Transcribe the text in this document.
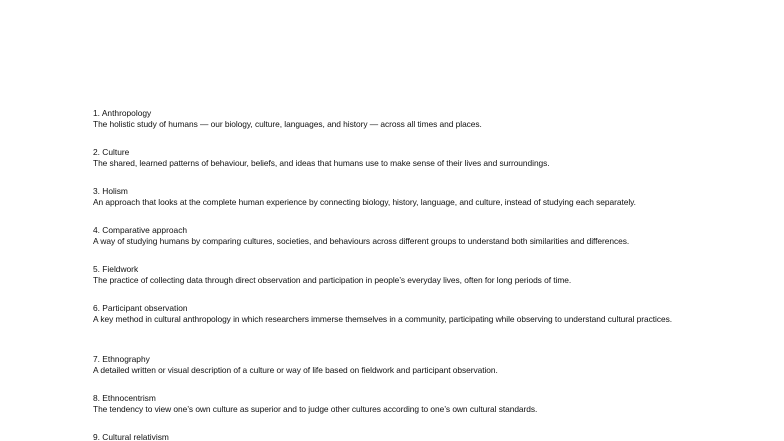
1. Anthropology
The holistic study of humans — our biology, culture, languages, and history — across all times and places.
2. Culture
The shared, learned patterns of behaviour, beliefs, and ideas that humans use to make sense of their lives and surroundings.
3. Holism
An approach that looks at the complete human experience by connecting biology, history, language, and culture, instead of studying each separately.
4. Comparative approach
A way of studying humans by comparing cultures, societies, and behaviours across different groups to understand both similarities and differences.
5. Fieldwork
The practice of collecting data through direct observation and participation in people’s everyday lives, often for long periods of time.
6. Participant observation
A key method in cultural anthropology in which researchers immerse themselves in a community, participating while observing to understand cultural practices.
7. Ethnography
A detailed written or visual description of a culture or way of life based on fieldwork and participant observation.
8. Ethnocentrism
The tendency to view one’s own culture as superior and to judge other cultures according to one’s own cultural standards.
9. Cultural relativism
